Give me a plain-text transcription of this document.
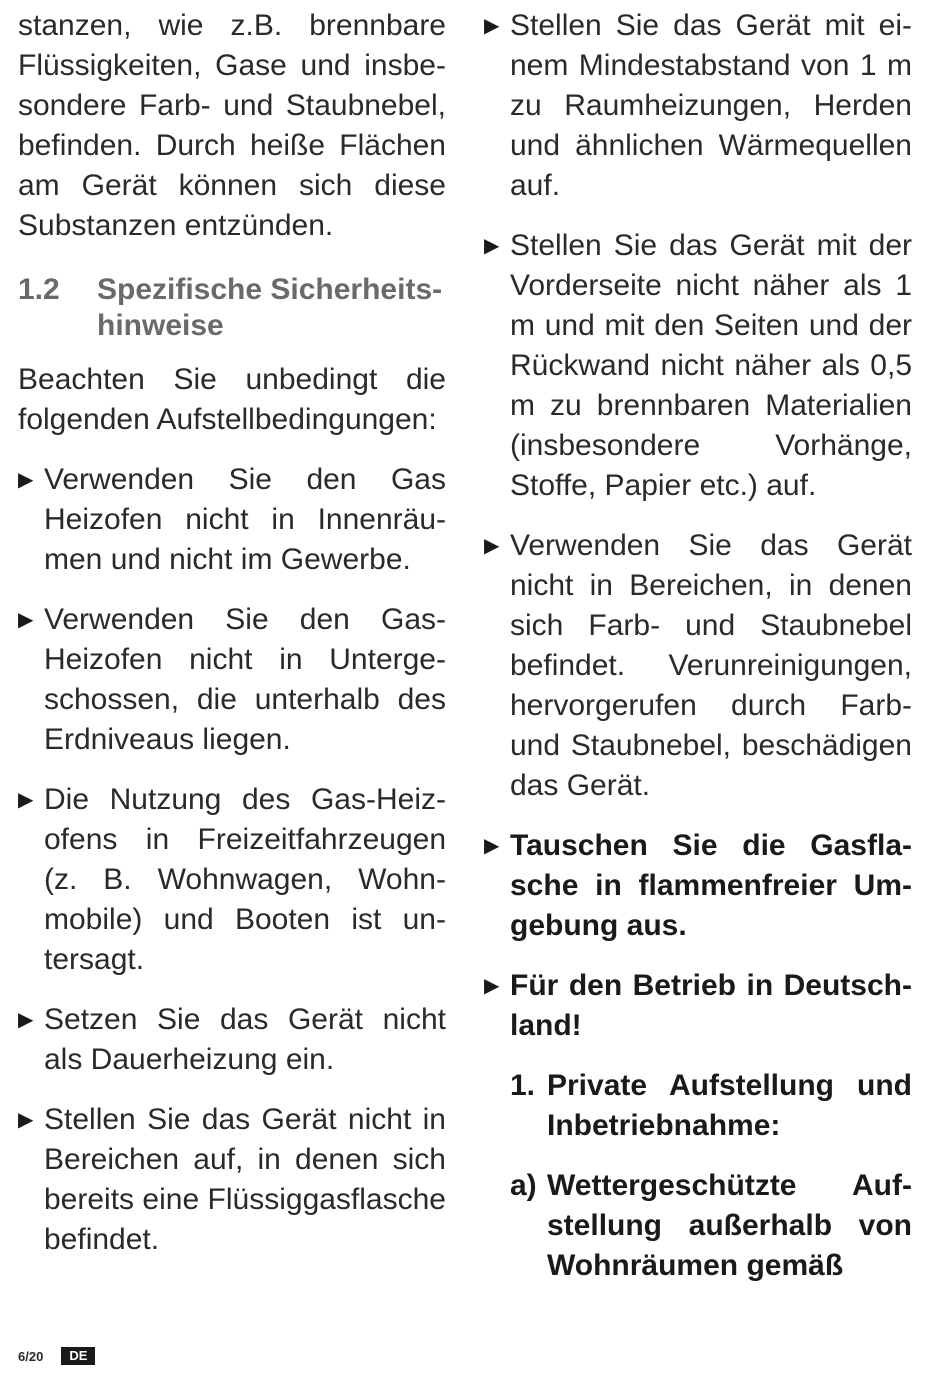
stanzen, wie z.B. brennbare Flüssigkeiten, Gase und insbesondere Farb- und Staubnebel, befinden. Durch heiße Flächen am Gerät können sich diese Substanzen entzünden.

1.2	Spezifische Sicherheitshinweise

Beachten Sie unbedingt die folgenden Aufstellbedingungen:

▶ Verwenden Sie den Gas Heizofen nicht in Innenräumen und nicht im Gewerbe.
▶ Verwenden Sie den Gas-Heizofen nicht in Untergeschossen, die unterhalb des Erdniveaus liegen.
▶ Die Nutzung des Gas-Heizofens in Freizeitfahrzeugen (z. B. Wohnwagen, Wohnmobile) und Booten ist untersagt.
▶ Setzen Sie das Gerät nicht als Dauerheizung ein.
▶ Stellen Sie das Gerät nicht in Bereichen auf, in denen sich bereits eine Flüssiggasflasche befindet.
▶ Stellen Sie das Gerät mit einem Mindestabstand von 1 m zu Raumheizungen, Herden und ähnlichen Wärmequellen auf.
▶ Stellen Sie das Gerät mit der Vorderseite nicht näher als 1 m und mit den Seiten und der Rückwand nicht näher als 0,5 m zu brennbaren Materialien (insbesondere Vorhänge, Stoffe, Papier etc.) auf.
▶ Verwenden Sie das Gerät nicht in Bereichen, in denen sich Farb- und Staubnebel befindet. Verunreinigungen, hervorgerufen durch Farb- und Staubnebel, beschädigen das Gerät.
▶ Tauschen Sie die Gasflasche in flammenfreier Umgebung aus.
▶ Für den Betrieb in Deutschland!
1. Private Aufstellung und Inbetriebnahme:
a) Wettergeschützte Aufstellung außerhalb von Wohnräumen gemäß
6/20	DE
